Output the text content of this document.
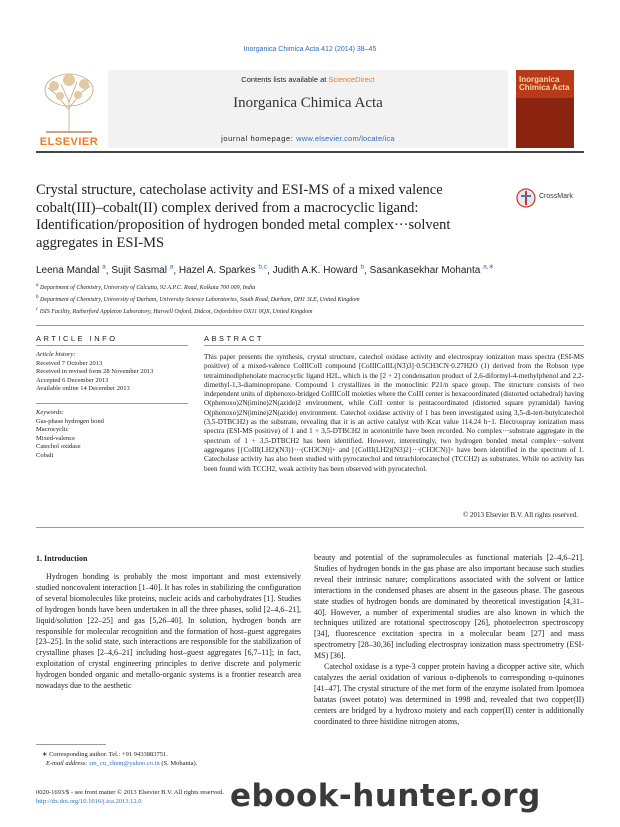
Inorganica Chimica Acta 412 (2014) 38–45
Contents lists available at ScienceDirect
Inorganica Chimica Acta
journal homepage: www.elsevier.com/locate/ica
ELSEVIER
Inorganica Chimica Acta
Crystal structure, catecholase activity and ESI-MS of a mixed valence cobalt(III)–cobalt(II) complex derived from a macrocyclic ligand: Identification/proposition of hydrogen bonded metal complex···solvent aggregates in ESI-MS
CrossMark
Leena Mandal $^a$, Sujit Sasmal $^a$, Hazel A. Sparkes $^{b,c}$, Judith A.K. Howard $^b$, Sasankasekhar Mohanta $^{a,∗}$
$^a$ Department of Chemistry, University of Calcutta, 92 A.P.C. Road, Kolkata 700 009, India
$^b$ Department of Chemistry, University of Durham, University Science Laboratories, South Road, Durham, DH1 3LE, United Kingdom
$^c$ ISIS Facility, Rutherford Appleton Laboratory, Harwell Oxford, Didcot, Oxfordshire OX11 0QX, United Kingdom
ARTICLE INFO
Article history:
Received 7 October 2013
Received in revised form 28 November 2013
Accepted 6 December 2013
Available online 14 December 2013
Keywords:
Gas-phase hydrogen bond
Macrocyclic
Mixed-valence
Catechol oxidase
Cobalt
ABSTRACT
This paper presents the synthesis, crystal structure, catechol oxidase activity and electrospray ionization mass spectra (ESI-MS positive) of a mixed-valence CoIIICoII compound [CoIIICoIIL(N3)3]·0.5CH3CN·0.27H2O (1) derived from the Robson type tetraiminodiphenolate macrocyclic ligand H2L, which is the [2 + 2] condensation product of 2,6-diformyl-4-methylphenol and 2,2-dimethyl-1,3-diaminopropane. Compound 1 crystallizes in the monoclinic P21/n space group. The structure consists of two independent units of diphenoxo-bridged CoIIICoII moieties where the CoIII center is hexacoordinated (distorted octahedral) having O(phenoxo)2N(imine)2N(azide)2 environment, while CoII center is pentacoordinated (distorted square pyramidal) having O(phenoxo)2N(imine)2N(azide) environment. Catechol oxidase activity of 1 has been investigated using 3,5-di-tert-butylcatechol (3,5-DTBCH2) as the substrate, revealing that it is an active catalyst with Kcat value 114.24 h−1. Electrospray ionization mass spectra (ESI-MS positive) of 1 and 1 + 3,5-DTBCH2 in acetonitrile have been recorded. No complex···substrate aggregate in the spectrum of 1 + 3,5-DTBCH2 has been identified. However, interestingly, two hydrogen bonded metal complex···solvent aggregates [{CoIII(LH2)(N3)}···(CH3CN)]+ and [{CoIII(LH2)(N3)2}···(CH3CN)]+ have been identified in the spectrum of 1. Catecholase activity has also been studied with pyrocatechol and tetrachlorocatechol (TCCH2) as substrates. While no activity has been found with TCCH2, weak activity has been observed with pyrocatechol.
© 2013 Elsevier B.V. All rights reserved.
1. Introduction

Hydrogen bonding is probably the most important and most extensively studied noncovalent interaction [1–40]. It has roles in stabilizing the configuration of several biomolecules like proteins, nucleic acids and carbohydrates [1]. Studies of hydrogen bonds have been undertaken in all the three phases, solid [2–4,6–21], liquid/solution [22–25] and gas [5,26–40]. In solution, hydrogen bonds are responsible for molecular recognition and the formation of host–guest aggregates [23–25]. In the solid state, such interactions are responsible for the stabilization of crystalline phases [2–4,6–21] including host–guest aggregates [6,7–11]; in fact, exploitation of crystal engineering principles to derive discrete and polymeric hydrogen bonded organic and metallo-organic systems is a frontier research area nowadays due to the aesthetic

beauty and potential of the supramolecules as functional materials [2–4,6–21]. Studies of hydrogen bonds in the gas phase are also important because such studies reveal their intrinsic nature; complications associated with the solvent or lattice interactions in the condensed phases are absent in the gaseous phase. The gaseous state studies of hydrogen bonds are dominated by theoretical investigation [4,31–40]. However, a number of experimental studies are also known in which the techniques utilized are rotational spectroscopy [26], photoelectron spectroscopy [34], fluorescence excitation spectra in a molecular beam [27] and mass spectrometry [28–30,36] including electrospray ionization mass spectrometry (ESI-MS) [36].

Catechol oxidase is a type-3 copper protein having a dicopper active site, which catalyzes the aerial oxidation of various o-diphenols to corresponding o-quinones [41–47]. The crystal structure of the met form of the enzyme isolated from Ipomoea batatas (sweet potato) was determined in 1998 and, revealed that two copper(II) centers are bridged by a hydroxo moiety and each copper(II) center is additionally coordinated to three histidine nitrogen atoms,

∗ Corresponding author. Tel.: +91 9433883751.
E-mail address: sm_cu_chem@yahoo.co.in (S. Mohanta).
0020-1693/$ - see front matter © 2013 Elsevier B.V. All rights reserved.
http://dx.doi.org/10.1016/j.ica.2013.12.0	ebook-hunter.org
